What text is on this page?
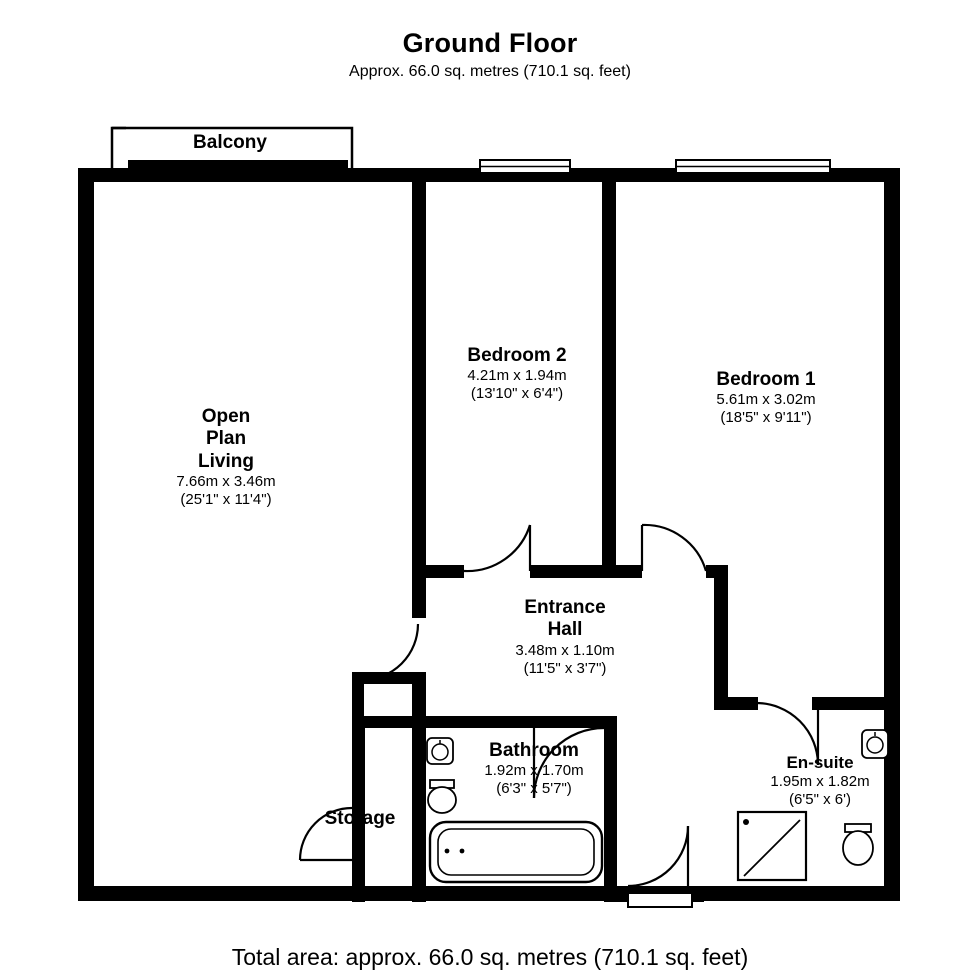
Ground Floor
Approx. 66.0 sq. metres (710.1 sq. feet)
Balcony
Open
Plan
Living
7.66m x 3.46m
(25'1" x 11'4")
Bedroom 2
4.21m x 1.94m
(13'10" x 6'4")
Bedroom 1
5.61m x 3.02m
(18'5" x 9'11")
Entrance
Hall
3.48m x 1.10m
(11'5" x 3'7")
Bathroom
1.92m x 1.70m
(6'3" x 5'7")
En-suite
1.95m x 1.82m
(6'5" x 6')
Storage
Total area: approx. 66.0 sq. metres (710.1 sq. feet)
